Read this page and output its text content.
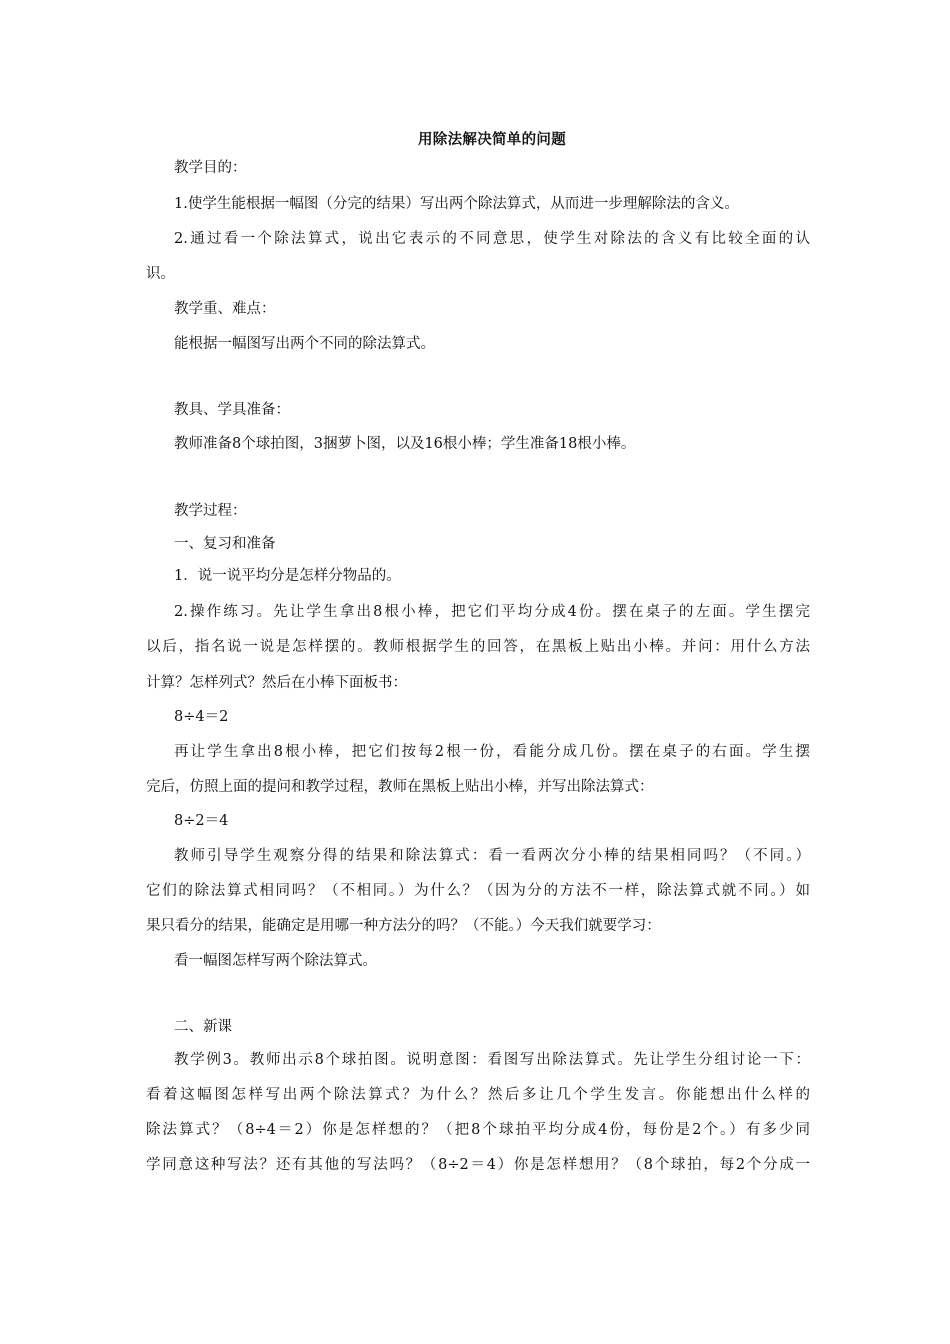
用除法解决简单的问题
教学目的：
1.使学生能根据一幅图（分完的结果）写出两个除法算式，从而进一步理解除法的含义。
2.通过看一个除法算式，说出它表示的不同意思，使学生对除法的含义有比较全面的认
识。
教学重、难点：
能根据一幅图写出两个不同的除法算式。
教具、学具准备：
教师准备8个球拍图，3捆萝卜图，以及16根小棒；学生准备18根小棒。
教学过程：
一、复习和准备
1．说一说平均分是怎样分物品的。
2.操作练习。先让学生拿出8根小棒，把它们平均分成4份。摆在桌子的左面。学生摆完
以后，指名说一说是怎样摆的。教师根据学生的回答，在黑板上贴出小棒。并问：用什么方法
计算？怎样列式？然后在小棒下面板书：
8÷4＝2
再让学生拿出8根小棒，把它们按每2根一份，看能分成几份。摆在桌子的右面。学生摆
完后，仿照上面的提问和教学过程，教师在黑板上贴出小棒，并写出除法算式：
8÷2＝4
教师引导学生观察分得的结果和除法算式：看一看两次分小棒的结果相同吗？（不同。）
它们的除法算式相同吗？（不相同。）为什么？（因为分的方法不一样，除法算式就不同。）如
果只看分的结果，能确定是用哪一种方法分的吗？（不能。）今天我们就要学习：
看一幅图怎样写两个除法算式。
二、新课
教学例3。教师出示8个球拍图。说明意图：看图写出除法算式。先让学生分组讨论一下：
看着这幅图怎样写出两个除法算式？为什么？然后多让几个学生发言。你能想出什么样的
除法算式？（8÷4＝2）你是怎样想的？（把8个球拍平均分成4份，每份是2个。）有多少同
学同意这种写法？还有其他的写法吗？（8÷2＝4）你是怎样想用？（8个球拍，每2个分成一
